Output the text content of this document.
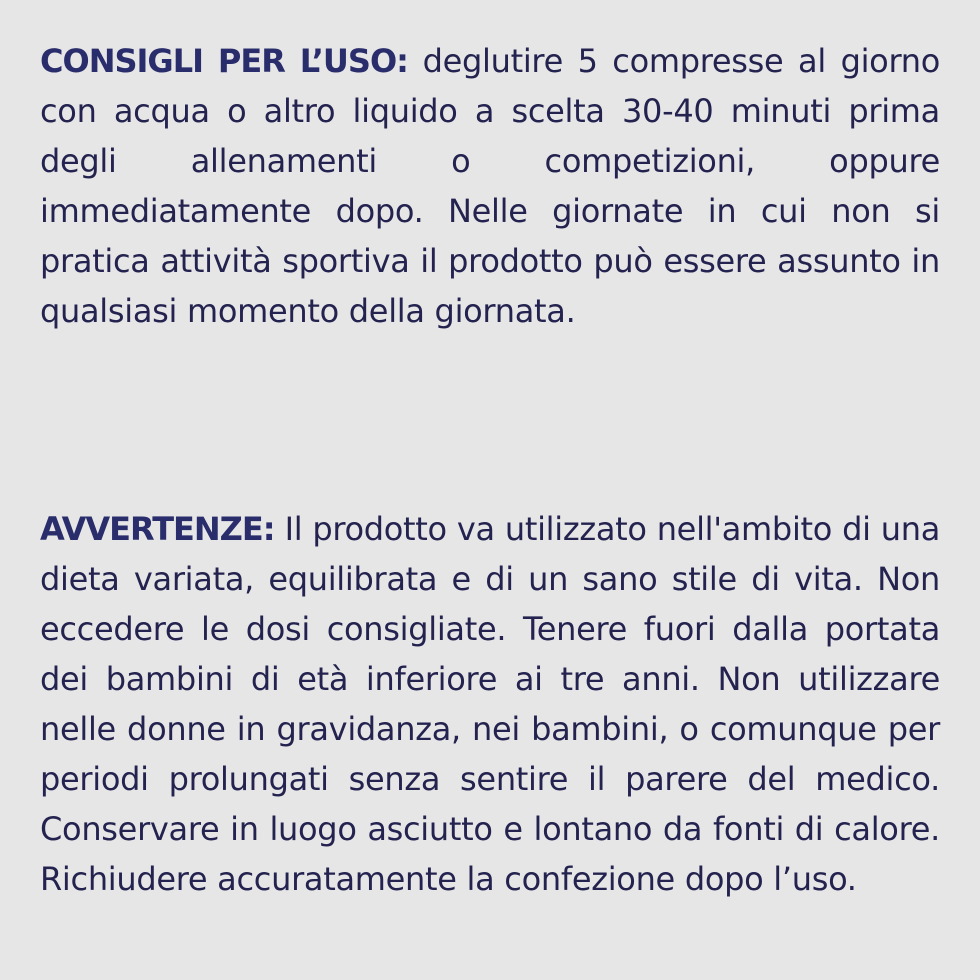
CONSIGLI PER L’USO: deglutire 5 compresse al giorno con acqua o altro liquido a scelta 30-40 minuti prima degli allenamenti o competizioni, oppure immediatamente dopo. Nelle giornate in cui non si pratica attività sportiva il prodotto può essere assunto in qualsiasi momento della giornata.
AVVERTENZE: Il prodotto va utilizzato nell'ambito di una dieta variata, equilibrata e di un sano stile di vita. Non eccedere le dosi consigliate. Tenere fuori dalla portata dei bambini di età inferiore ai tre anni. Non utilizzare nelle donne in gravidanza, nei bambini, o comunque per periodi prolungati senza sentire il parere del medico. Conservare in luogo asciutto e lontano da fonti di calore. Richiudere accuratamente la confezione dopo l’uso.
